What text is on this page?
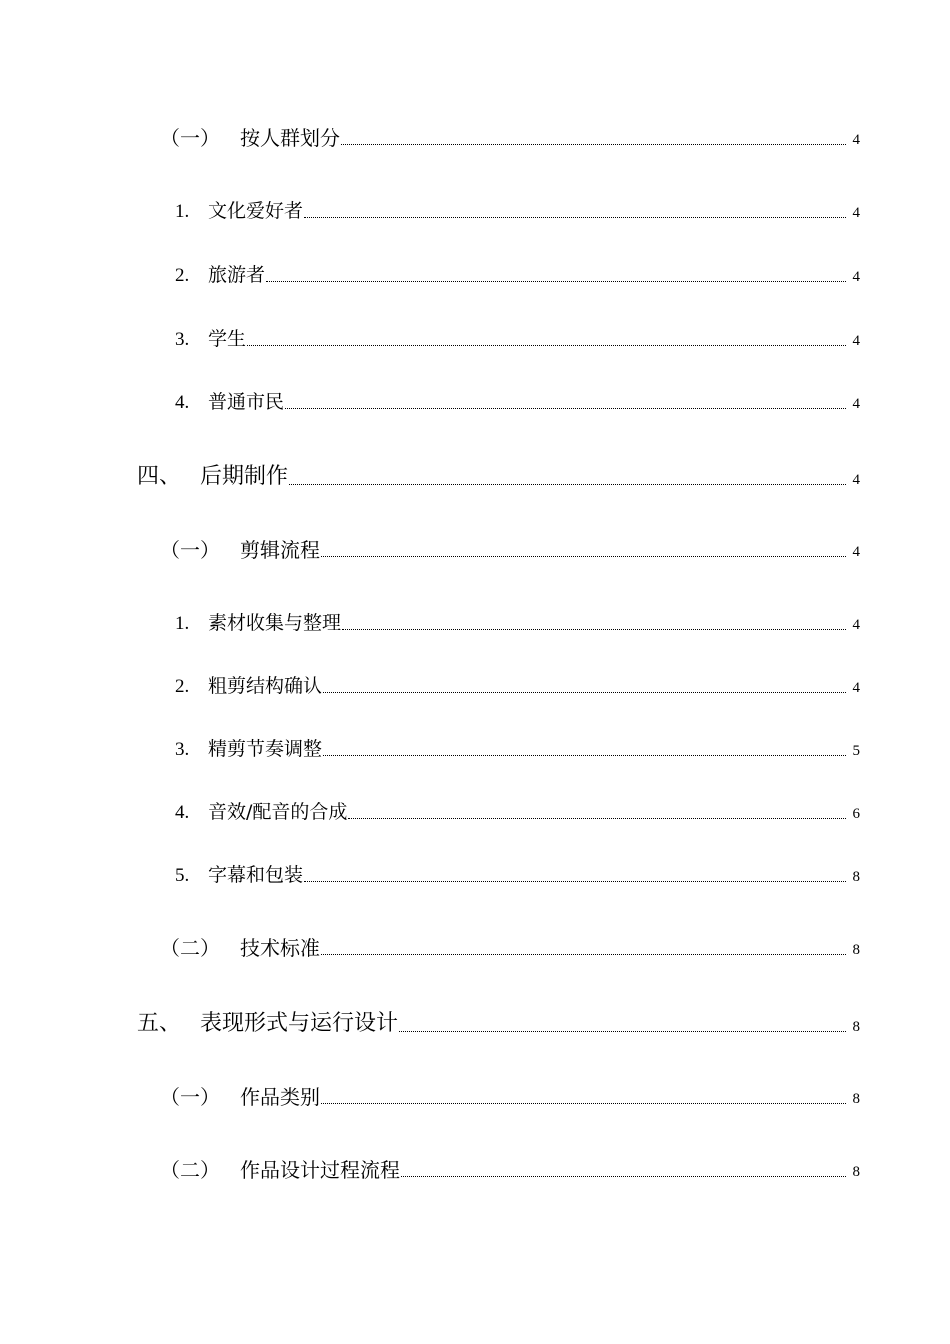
（一）	按人群划分	4
1. 文化爱好者	4
2. 旅游者	4
3. 学生	4
4. 普通市民	4
四、 后期制作	4
（一）	剪辑流程	4
1. 素材收集与整理	4
2. 粗剪结构确认	4
3. 精剪节奏调整	5
4. 音效/配音的合成	6
5. 字幕和包装	8
（二）	技术标准	8
五、 表现形式与运行设计	8
（一）	作品类别	8
（二）	作品设计过程流程	8
